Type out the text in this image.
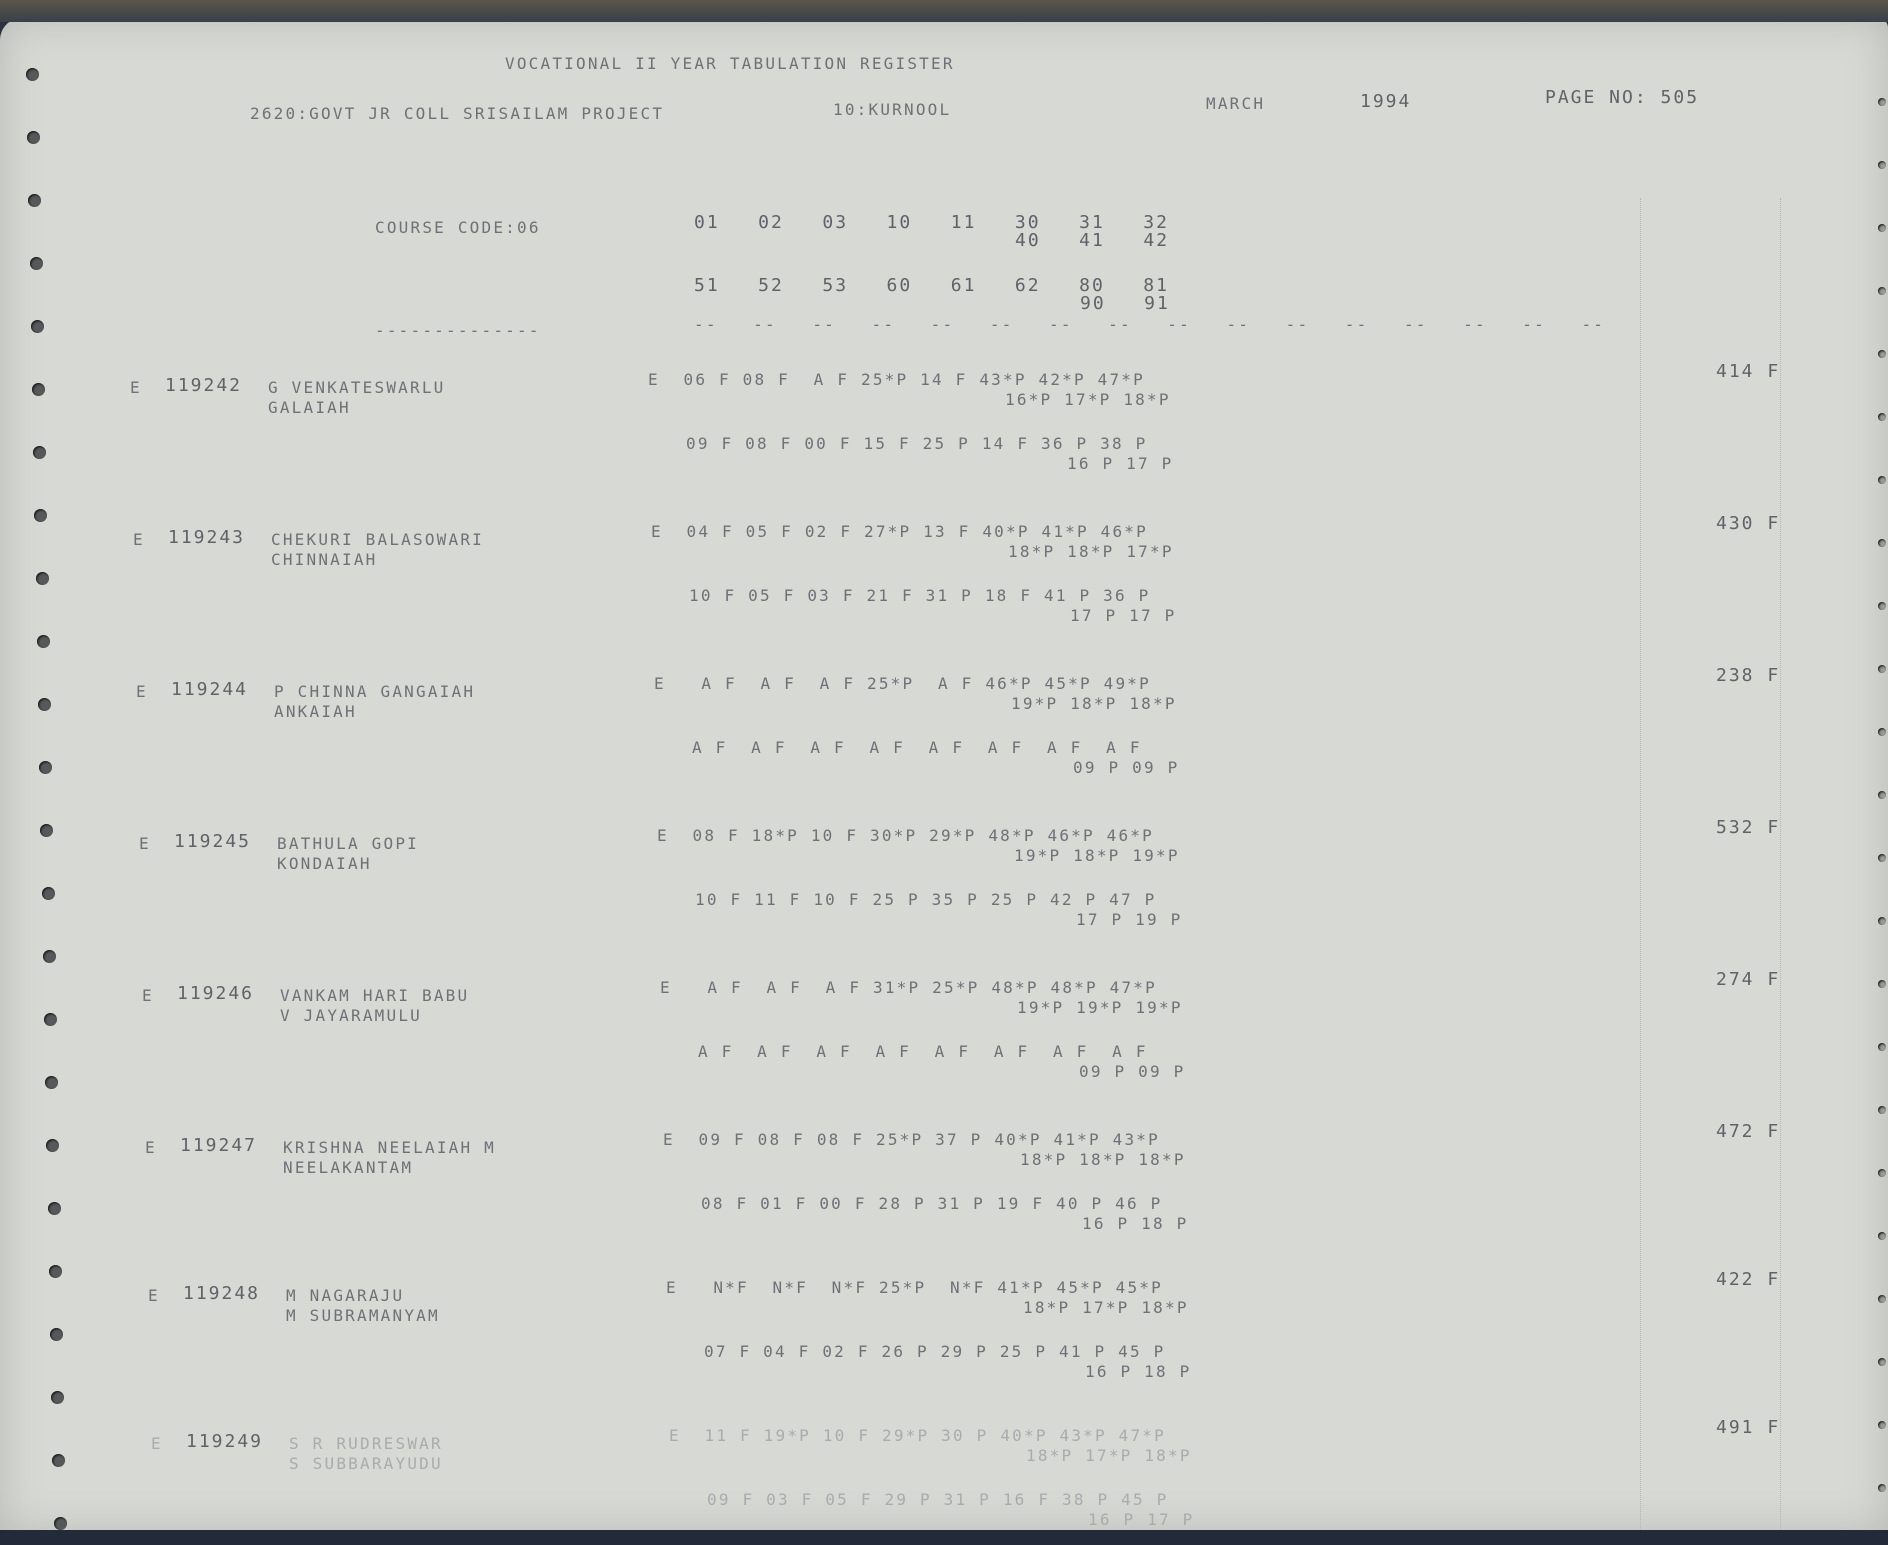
VOCATIONAL II YEAR TABULATION REGISTER
2620:GOVT JR COLL SRISAILAM PROJECT	10:KURNOOL	MARCH	1994	PAGE NO: 505
COURSE CODE:06	01   02   03   10   11   30   31   32
40   41   42
51   52   53   60   61   62   80   81
90   91
--------------	--   --   --   --   --   --   --   --   --   --   --   --   --   --   --   --
E 119242 G VENKATESWARLU
GALAIAH
E  06 F 08 F  A F 25*P 14 F 43*P 42*P 47*P
16*P 17*P 18*P
09 F 08 F 00 F 15 F 25 P 14 F 36 P 38 P
16 P 17 P
414 F
E 119243 CHEKURI BALASOWARI
CHINNAIAH
E  04 F 05 F 02 F 27*P 13 F 40*P 41*P 46*P
18*P 18*P 17*P
10 F 05 F 03 F 21 F 31 P 18 F 41 P 36 P
17 P 17 P
430 F
E 119244 P CHINNA GANGAIAH
ANKAIAH
E   A F  A F  A F 25*P  A F 46*P 45*P 49*P
19*P 18*P 18*P
A F  A F  A F  A F  A F  A F  A F  A F
09 P 09 P
238 F
E 119245 BATHULA GOPI
KONDAIAH
E  08 F 18*P 10 F 30*P 29*P 48*P 46*P 46*P
19*P 18*P 19*P
10 F 11 F 10 F 25 P 35 P 25 P 42 P 47 P
17 P 19 P
532 F
E 119246 VANKAM HARI BABU
V JAYARAMULU
E   A F  A F  A F 31*P 25*P 48*P 48*P 47*P
19*P 19*P 19*P
A F  A F  A F  A F  A F  A F  A F  A F
09 P 09 P
274 F
E 119247 KRISHNA NEELAIAH M
NEELAKANTAM
E  09 F 08 F 08 F 25*P 37 P 40*P 41*P 43*P
18*P 18*P 18*P
08 F 01 F 00 F 28 P 31 P 19 F 40 P 46 P
16 P 18 P
472 F
E 119248 M NAGARAJU
M SUBRAMANYAM
E   N*F  N*F  N*F 25*P  N*F 41*P 45*P 45*P
18*P 17*P 18*P
07 F 04 F 02 F 26 P 29 P 25 P 41 P 45 P
16 P 18 P
422 F
E 119249 S R RUDRESWAR
S SUBBARAYUDU
E  11 F 19*P 10 F 29*P 30 P 40*P 43*P 47*P
18*P 17*P 18*P
09 F 03 F 05 F 29 P 31 P 16 F 38 P 45 P
16 P 17 P
491 F
